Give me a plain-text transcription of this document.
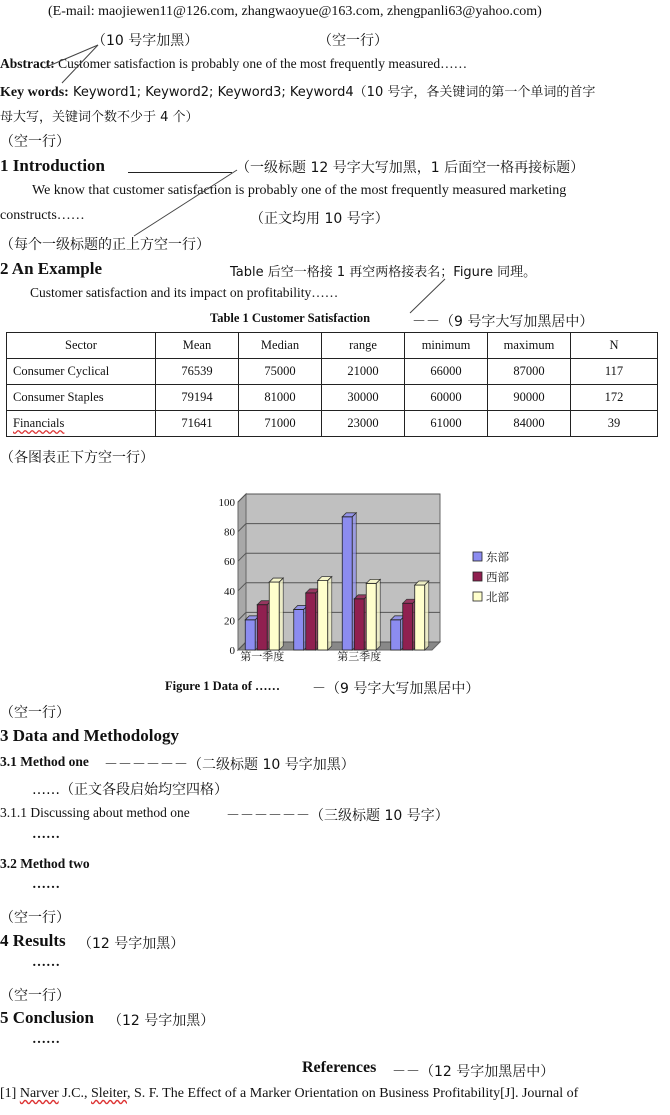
(E-mail: maojiewen11@126.com, zhangwaoyue@163.com, zhengpanli63@yahoo.com)
（10 号字加黑）	（空一行）
Abstract: Customer satisfaction is probably one of the most frequently measured……
Key words: Keyword1; Keyword2; Keyword3; Keyword4（10 号字，各关键词的第一个单词的首字
母大写，关键词个数不少于 4 个）
（空一行）
1 Introduction	（一级标题 12 号字大写加黑，1 后面空一格再接标题）
We know that customer satisfaction is probably one of the most frequently measured marketing
constructs……	（正文均用 10 号字）
（每个一级标题的正上方空一行）
2 An Example	Table 后空一格接 1 再空两格接表名；Figure 同理。
Customer satisfaction and its impact on profitability……
Table 1 Customer Satisfaction	－－（9 号字大写加黑居中）
Sector	Mean	Median	range	minimum	maximum	N
Consumer Cyclical	76539	75000	21000	66000	87000	117
Consumer Staples	79194	81000	30000	60000	90000	172
Financials	71641	71000	23000	61000	84000	39
（各图表正下方空一行）
0
20
40
60
80
100
第一季度	第三季度
东部
西部
北部
Figure 1 Data of …… －（9 号字大写加黑居中）
（空一行）
3 Data and Methodology
3.1 Method one －－－－－－（二级标题 10 号字加黑）
……（正文各段启始均空四格）
3.1.1 Discussing about method one	－－－－－－（三级标题 10 号字）
……
3.2 Method two
……
（空一行）
4 Results （12 号字加黑）
……
（空一行）
5 Conclusion （12 号字加黑）
……
References －－（12 号字加黑居中）
[1] Narver J.C., Sleiter, S. F. The Effect of a Marker Orientation on Business Profitability[J]. Journal of
